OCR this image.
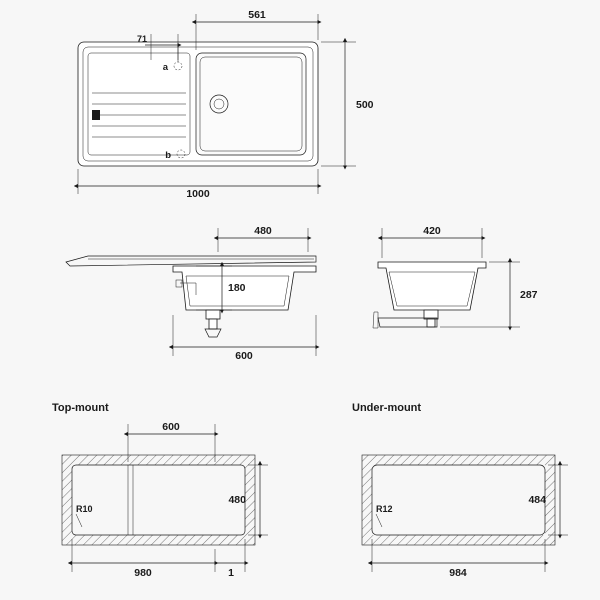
a
b
561
71
500
1000
480
180
600
420
287
Top-mount
600
480
980	1
R10
Under-mount
484
984
R12
